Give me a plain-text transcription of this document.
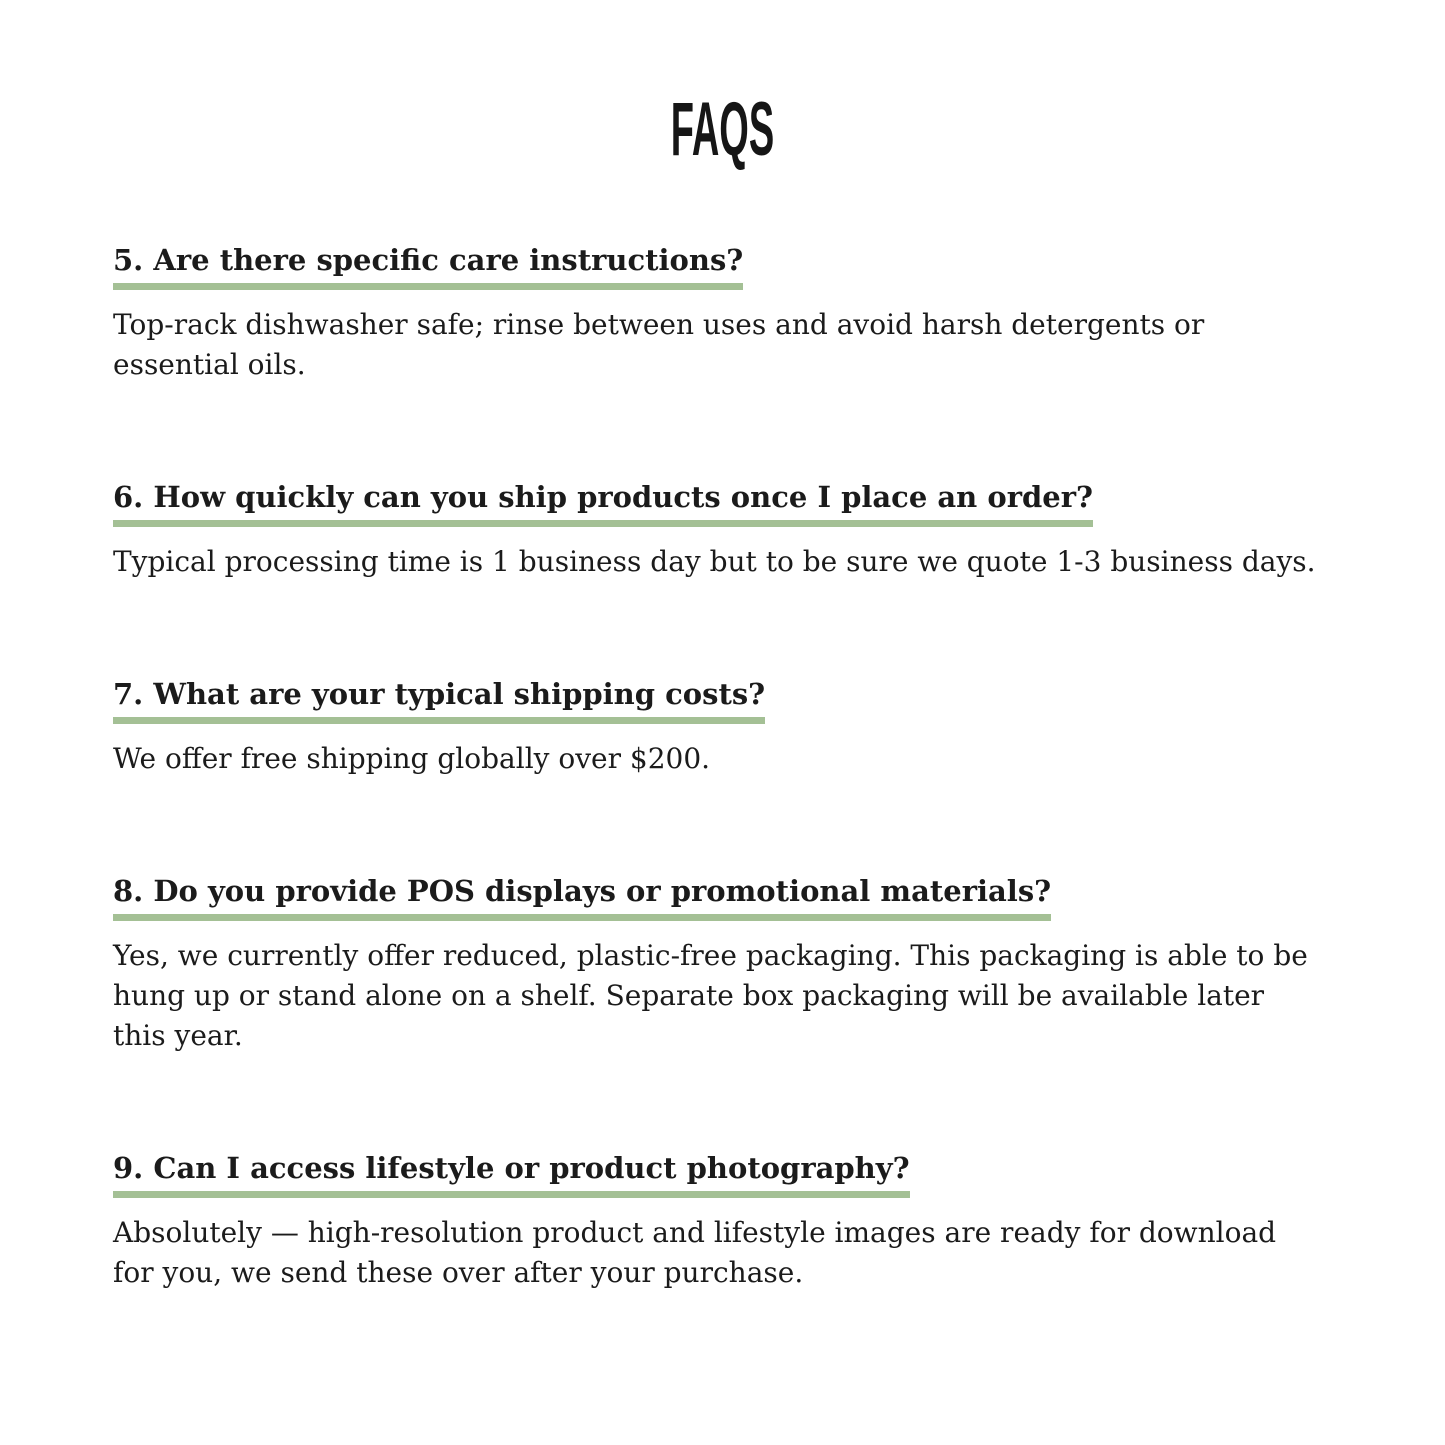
FAQS
5. Are there specific care instructions?

Top-rack dishwasher safe; rinse between uses and avoid harsh detergents or essential oils.

6. How quickly can you ship products once I place an order?

Typical processing time is 1 business day but to be sure we quote 1-3 business days.

7. What are your typical shipping costs?

We offer free shipping globally over $200.

8. Do you provide POS displays or promotional materials?

Yes, we currently offer reduced, plastic-free packaging. This packaging is able to be hung up or stand alone on a shelf. Separate box packaging will be available later this year.

9. Can I access lifestyle or product photography?

Absolutely — high-resolution product and lifestyle images are ready for download for you, we send these over after your purchase.
